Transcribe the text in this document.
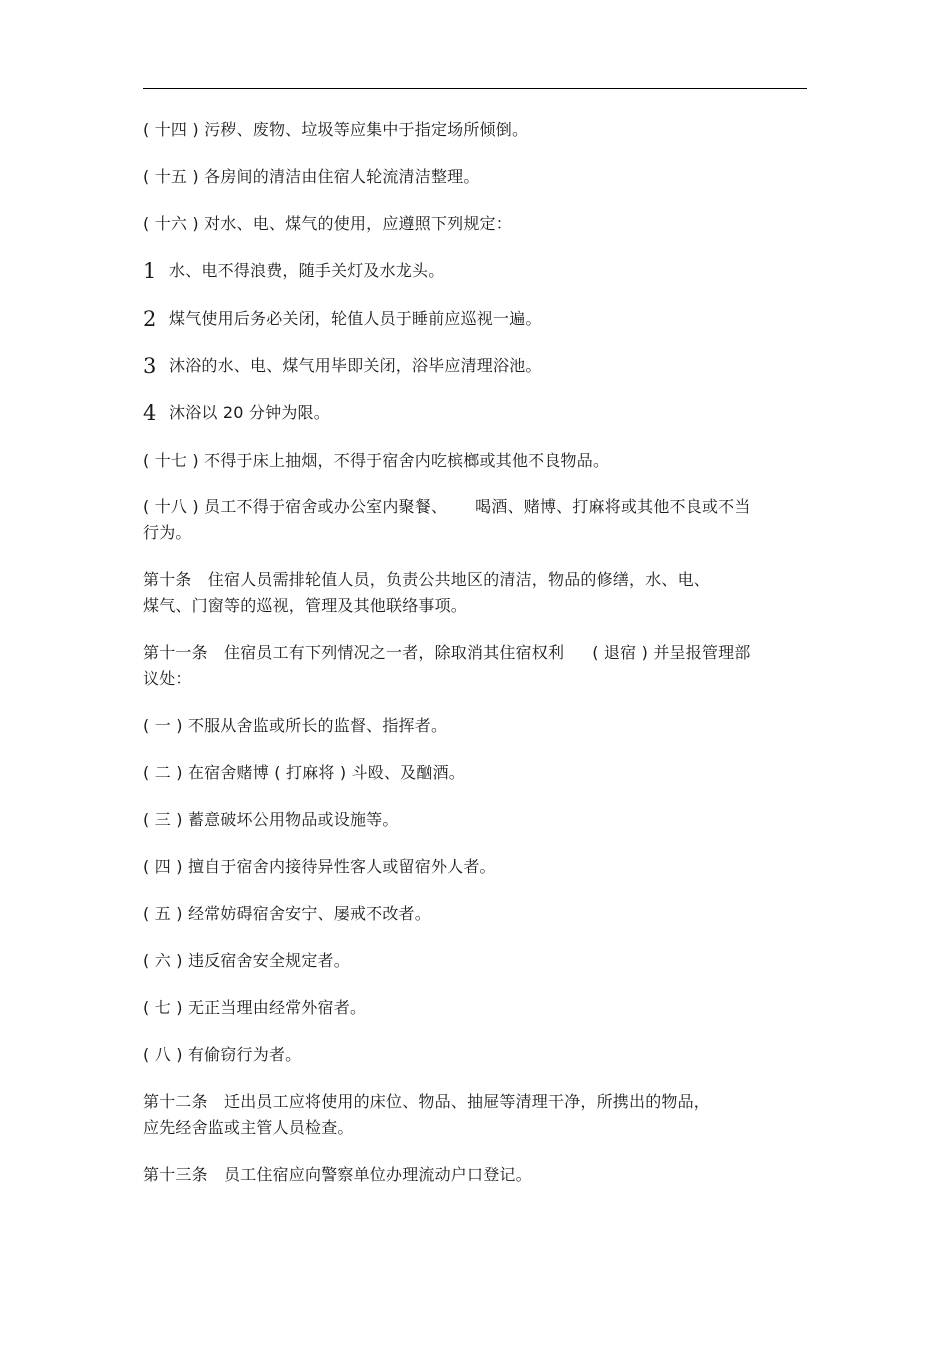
( 十四 ) 污秽、废物、垃圾等应集中于指定场所倾倒。
( 十五 ) 各房间的清洁由住宿人轮流清洁整理。
( 十六 ) 对水、电、煤气的使用，应遵照下列规定：
1 水、电不得浪费，随手关灯及水龙头。
2 煤气使用后务必关闭，轮值人员于睡前应巡视一遍。
3 沐浴的水、电、煤气用毕即关闭，浴毕应清理浴池。
4 沐浴以 20 分钟为限。
( 十七 ) 不得于床上抽烟，不得于宿舍内吃槟榔或其他不良物品。
( 十八 ) 员工不得于宿舍或办公室内聚餐、 喝酒、赌博、打麻将或其他不良或不当
行为。
第十条　住宿人员需排轮值人员，负责公共地区的清洁，物品的修缮，水、电、
煤气、门窗等的巡视，管理及其他联络事项。
第十一条　住宿员工有下列情况之一者，除取消其住宿权利 ( 退宿 ) 并呈报管理部
议处：
( 一 ) 不服从舍监或所长的监督、指挥者。
( 二 ) 在宿舍赌博 ( 打麻将 ) 斗殴、及酗酒。
( 三 ) 蓄意破坏公用物品或设施等。
( 四 ) 擅自于宿舍内接待异性客人或留宿外人者。
( 五 ) 经常妨碍宿舍安宁、屡戒不改者。
( 六 ) 违反宿舍安全规定者。
( 七 ) 无正当理由经常外宿者。
( 八 ) 有偷窃行为者。
第十二条　迁出员工应将使用的床位、物品、抽屉等清理干净，所携出的物品，
应先经舍监或主管人员检查。
第十三条　员工住宿应向警察单位办理流动户口登记。
